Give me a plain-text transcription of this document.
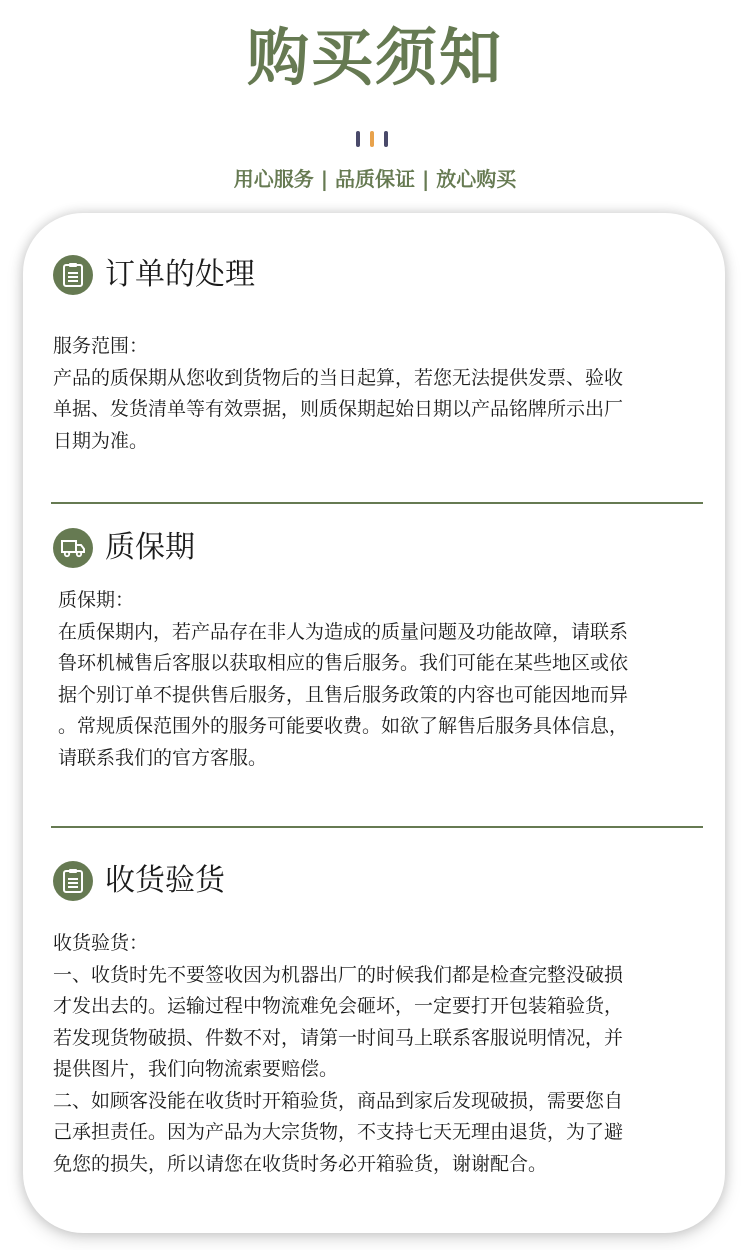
购买须知
用心服务 | 品质保证 | 放心购买
订单的处理

服务范围：

产品的质保期从您收到货物后的当日起算，若您无法提供发票、验收

单据、发货清单等有效票据，则质保期起始日期以产品铭牌所示出厂

日期为准。

质保期

质保期：

在质保期内，若产品存在非人为造成的质量问题及功能故障，请联系

鲁环机械售后客服以获取相应的售后服务。我们可能在某些地区或依

据个别订单不提供售后服务，且售后服务政策的内容也可能因地而异

。常规质保范围外的服务可能要收费。如欲了解售后服务具体信息，

请联系我们的官方客服。

收货验货

收货验货：

一、收货时先不要签收因为机器出厂的时候我们都是检查完整没破损

才发出去的。运输过程中物流难免会砸坏，一定要打开包装箱验货，

若发现货物破损、件数不对，请第一时间马上联系客服说明情况，并

提供图片，我们向物流索要赔偿。

二、如顾客没能在收货时开箱验货，商品到家后发现破损，需要您自

己承担责任。因为产品为大宗货物，不支持七天无理由退货，为了避

免您的损失，所以请您在收货时务必开箱验货，谢谢配合。
